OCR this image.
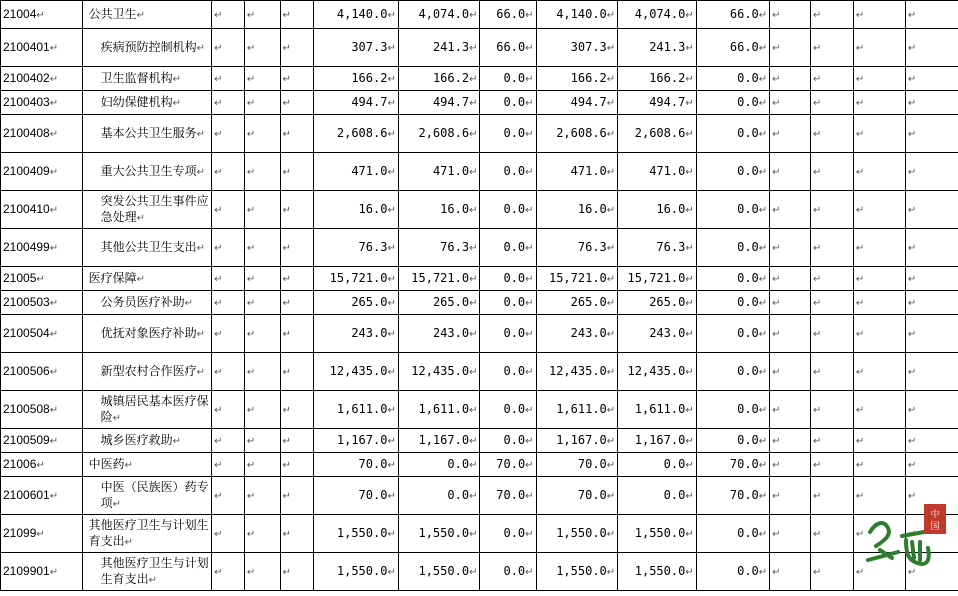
21004↵	公共卫生↵	↵	↵	↵	4,140.0↵	4,074.0↵	66.0↵	4,140.0↵	4,074.0↵	66.0↵	↵	↵	↵	↵
2100401↵	疾病预防控制机构↵	↵	↵	↵	307.3↵	241.3↵	66.0↵	307.3↵	241.3↵	66.0↵	↵	↵	↵	↵
2100402↵	卫生监督机构↵	↵	↵	↵	166.2↵	166.2↵	0.0↵	166.2↵	166.2↵	0.0↵	↵	↵	↵	↵
2100403↵	妇幼保健机构↵	↵	↵	↵	494.7↵	494.7↵	0.0↵	494.7↵	494.7↵	0.0↵	↵	↵	↵	↵
2100408↵	基本公共卫生服务↵	↵	↵	↵	2,608.6↵	2,608.6↵	0.0↵	2,608.6↵	2,608.6↵	0.0↵	↵	↵	↵	↵
2100409↵	重大公共卫生专项↵	↵	↵	↵	471.0↵	471.0↵	0.0↵	471.0↵	471.0↵	0.0↵	↵	↵	↵	↵
2100410↵	突发公共卫生事件应急处理↵	↵	↵	↵	16.0↵	16.0↵	0.0↵	16.0↵	16.0↵	0.0↵	↵	↵	↵	↵
2100499↵	其他公共卫生支出↵	↵	↵	↵	76.3↵	76.3↵	0.0↵	76.3↵	76.3↵	0.0↵	↵	↵	↵	↵
21005↵	医疗保障↵	↵	↵	↵	15,721.0↵	15,721.0↵	0.0↵	15,721.0↵	15,721.0↵	0.0↵	↵	↵	↵	↵
2100503↵	公务员医疗补助↵	↵	↵	↵	265.0↵	265.0↵	0.0↵	265.0↵	265.0↵	0.0↵	↵	↵	↵	↵
2100504↵	优抚对象医疗补助↵	↵	↵	↵	243.0↵	243.0↵	0.0↵	243.0↵	243.0↵	0.0↵	↵	↵	↵	↵
2100506↵	新型农村合作医疗↵	↵	↵	↵	12,435.0↵	12,435.0↵	0.0↵	12,435.0↵	12,435.0↵	0.0↵	↵	↵	↵	↵
2100508↵	城镇居民基本医疗保险↵	↵	↵	↵	1,611.0↵	1,611.0↵	0.0↵	1,611.0↵	1,611.0↵	0.0↵	↵	↵	↵	↵
2100509↵	城乡医疗救助↵	↵	↵	↵	1,167.0↵	1,167.0↵	0.0↵	1,167.0↵	1,167.0↵	0.0↵	↵	↵	↵	↵
21006↵	中医药↵	↵	↵	↵	70.0↵	0.0↵	70.0↵	70.0↵	0.0↵	70.0↵	↵	↵	↵	↵
2100601↵	中医（民族医）药专项↵	↵	↵	↵	70.0↵	0.0↵	70.0↵	70.0↵	0.0↵	70.0↵	↵	↵	↵	↵
21099↵	其他医疗卫生与计划生育支出↵	↵	↵	↵	1,550.0↵	1,550.0↵	0.0↵	1,550.0↵	1,550.0↵	0.0↵	↵	↵	↵	↵
2109901↵	其他医疗卫生与计划生育支出↵	↵	↵	↵	1,550.0↵	1,550.0↵	0.0↵	1,550.0↵	1,550.0↵	0.0↵	↵	↵	↵	↵
中
国
